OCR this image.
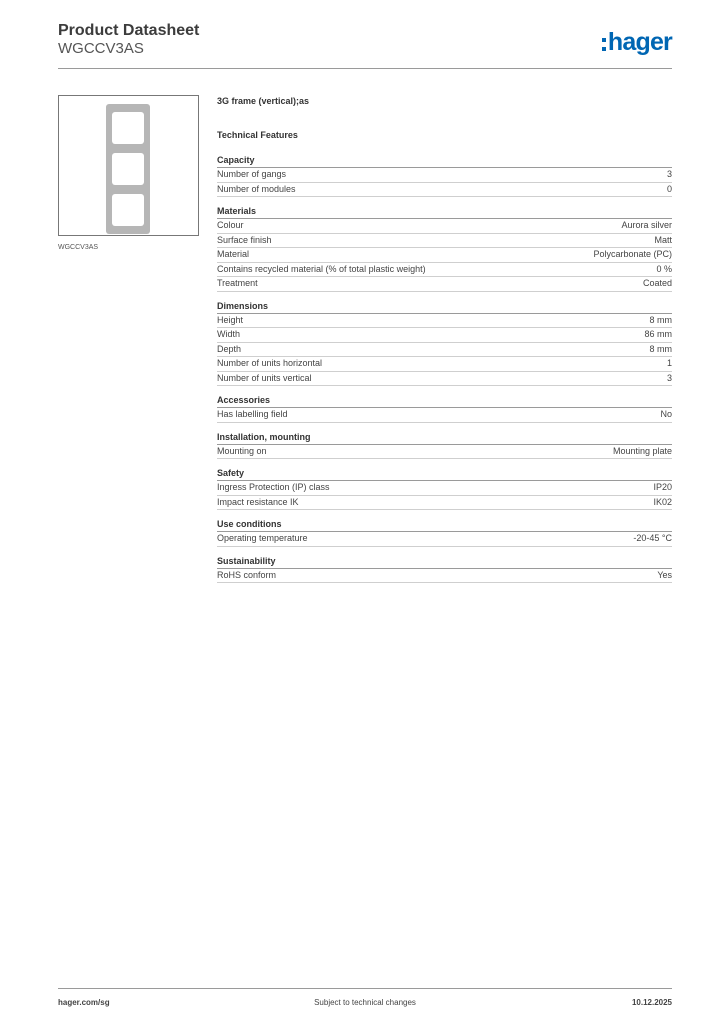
Product Datasheet
WGCCV3AS	hager
WGCCV3AS
3G frame (vertical);as
Technical Features
Capacity
Number of gangs	3
Number of modules	0
Materials
Colour	Aurora silver
Surface finish	Matt
Material	Polycarbonate (PC)
Contains recycled material (% of total plastic weight)	0 %
Treatment	Coated
Dimensions
Height	8 mm
Width	86 mm
Depth	8 mm
Number of units horizontal	1
Number of units vertical	3
Accessories
Has labelling field	No
Installation, mounting
Mounting on	Mounting plate
Safety
Ingress Protection (IP) class	IP20
Impact resistance IK	IK02
Use conditions
Operating temperature	-20-45 °C
Sustainability
RoHS conform	Yes
hager.com/sg	Subject to technical changes	10.12.2025
